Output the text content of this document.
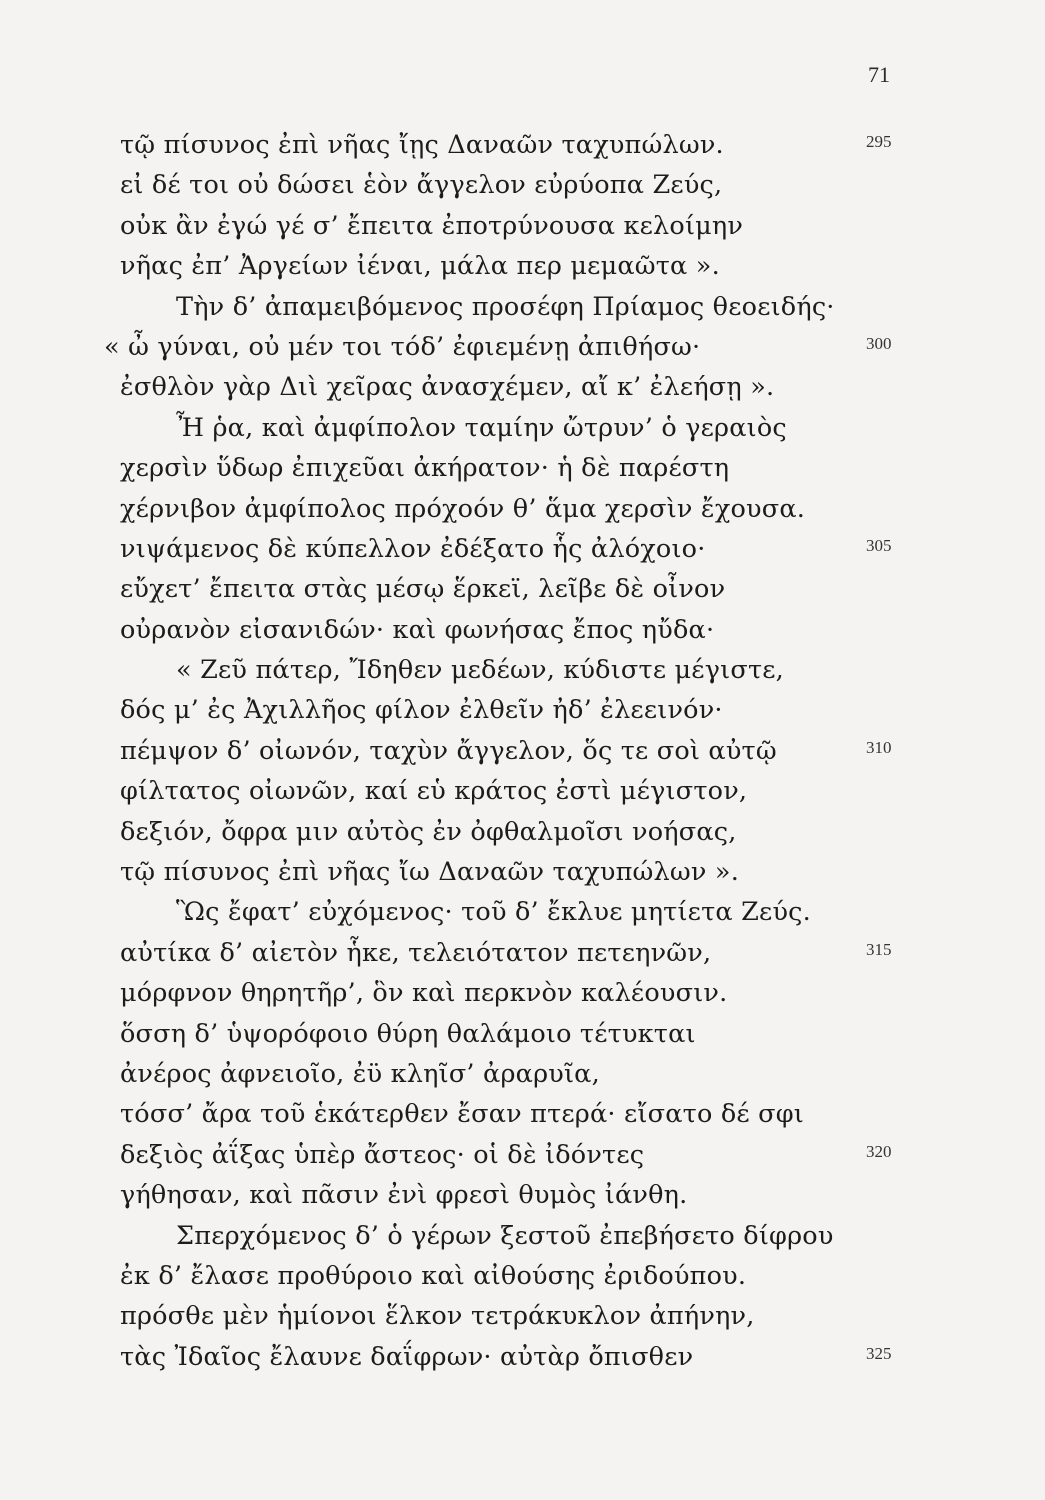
71
τῷ πίσυνος ἐπὶ νῆας ἴῃς Δαναῶν ταχυπώλων.	295
εἰ δέ τοι οὐ δώσει ἑὸν ἄγγελον εὐρύοπα Ζεύς,
οὐκ ἂν ἐγώ γέ σ’ ἔπειτα ἐποτρύνουσα κελοίμην
νῆας ἐπ’ Ἀργείων ἰέναι, μάλα περ μεμαῶτα ».
Τὴν δ’ ἀπαμειβόμενος προσέφη Πρίαμος θεοειδής·
« ὦ γύναι, οὐ μέν τοι τόδ’ ἐφιεμένῃ ἀπιθήσω·	300
ἐσθλὸν γὰρ Διὶ χεῖρας ἀνασχέμεν, αἴ κ’ ἐλεήσῃ ».
Ἦ ῥα, καὶ ἀμφίπολον ταμίην ὤτρυν’ ὁ γεραιὸς
χερσὶν ὕδωρ ἐπιχεῦαι ἀκήρατον· ἡ δὲ παρέστη
χέρνιβον ἀμφίπολος πρόχοόν θ’ ἅμα χερσὶν ἔχουσα.
νιψάμενος δὲ κύπελλον ἐδέξατο ἧς ἀλόχοιο·	305
εὔχετ’ ἔπειτα στὰς μέσῳ ἕρκεϊ, λεῖβε δὲ οἶνον
οὐρανὸν εἰσανιδών· καὶ φωνήσας ἔπος ηὔδα·
« Ζεῦ πάτερ, Ἴδηθεν μεδέων, κύδιστε μέγιστε,
δός μ’ ἐς Ἀχιλλῆος φίλον ἐλθεῖν ἠδ’ ἐλεεινόν·
πέμψον δ’ οἰωνόν, ταχὺν ἄγγελον, ὅς τε σοὶ αὐτῷ	310
φίλτατος οἰωνῶν, καί εὑ κράτος ἐστὶ μέγιστον,
δεξιόν, ὄφρα μιν αὐτὸς ἐν ὀφθαλμοῖσι νοήσας,
τῷ πίσυνος ἐπὶ νῆας ἴω Δαναῶν ταχυπώλων ».
Ὣς ἔφατ’ εὐχόμενος· τοῦ δ’ ἔκλυε μητίετα Ζεύς.
αὐτίκα δ’ αἰετὸν ἧκε, τελειότατον πετεηνῶν,	315
μόρφνον θηρητῆρ’, ὃν καὶ περκνὸν καλέουσιν.
ὅσση δ’ ὑψορόφοιο θύρη θαλάμοιο τέτυκται
ἀνέρος ἀφνειοῖο, ἐϋ κληῖσ’ ἀραρυῖα,
τόσσ’ ἄρα τοῦ ἑκάτερθεν ἔσαν πτερά· εἴσατο δέ σφι
δεξιὸς ἀΐξας ὑπὲρ ἄστεος· οἱ δὲ ἰδόντες	320
γήθησαν, καὶ πᾶσιν ἐνὶ φρεσὶ θυμὸς ἰάνθη.
Σπερχόμενος δ’ ὁ γέρων ξεστοῦ ἐπεβήσετο δίφρου
ἐκ δ’ ἔλασε προθύροιο καὶ αἰθούσης ἐριδούπου.
πρόσθε μὲν ἡμίονοι ἕλκον τετράκυκλον ἀπήνην,
τὰς Ἰδαῖος ἔλαυνε δαΐφρων· αὐτὰρ ὄπισθεν	325
